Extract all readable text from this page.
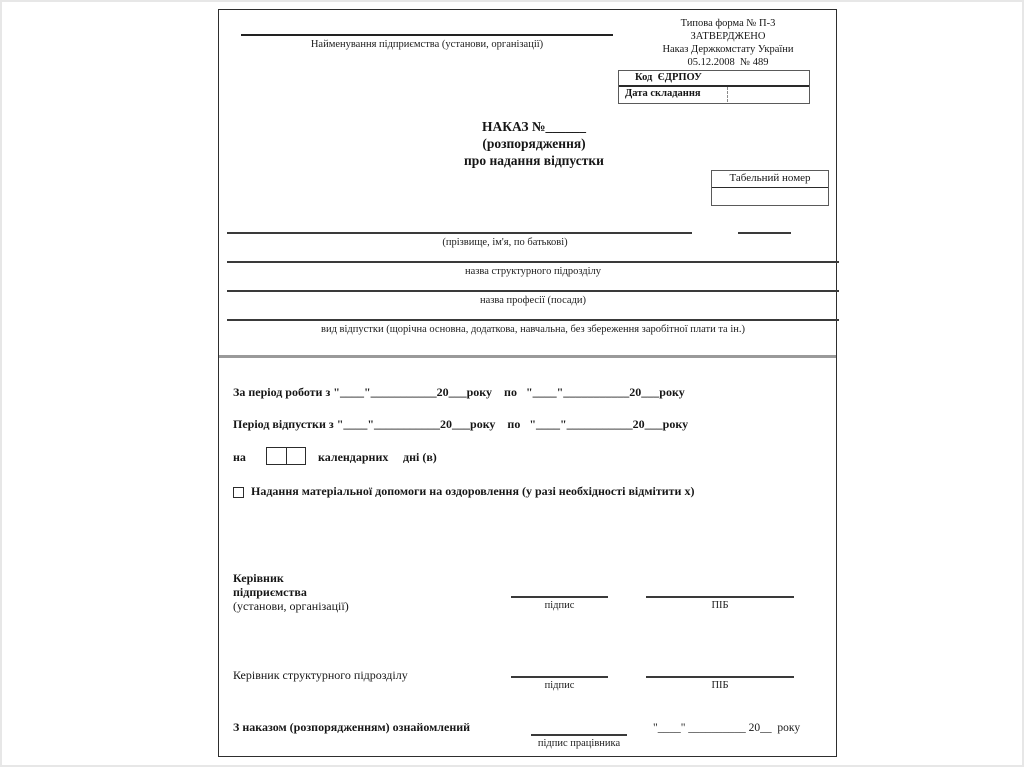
Найменування підприємства (установи, організації)
Типова форма № П-3
ЗАТВЕРДЖЕНО
Наказ Держкомстату України
05.12.2008  № 489
Код  ЄДРПОУ
Дата складання
НАКАЗ №______
(розпорядження)
про надання відпустки
Табельний номер
(прізвище, ім'я, по батькові)
назва структурного підрозділу
назва професії (посади)
вид відпустки (щорічна основна, додаткова, навчальна, без збереження заробітної плати та ін.)
За період роботи з "____"___________20___року    по   "____"___________20___року
Період відпустки з "____"___________20___року    по   "____"___________20___року
на	календарних дні (в)
Надання матеріальної допомоги на оздоровлення (у разі необхідності відмітити х)
Керівник
підприємства
(установи, організації)	підпис	ПІБ
Керівник структурного підрозділу
підпис	ПІБ
З наказом (розпорядженням) ознайомлений
підпис працівника
"____" __________ 20__  року
